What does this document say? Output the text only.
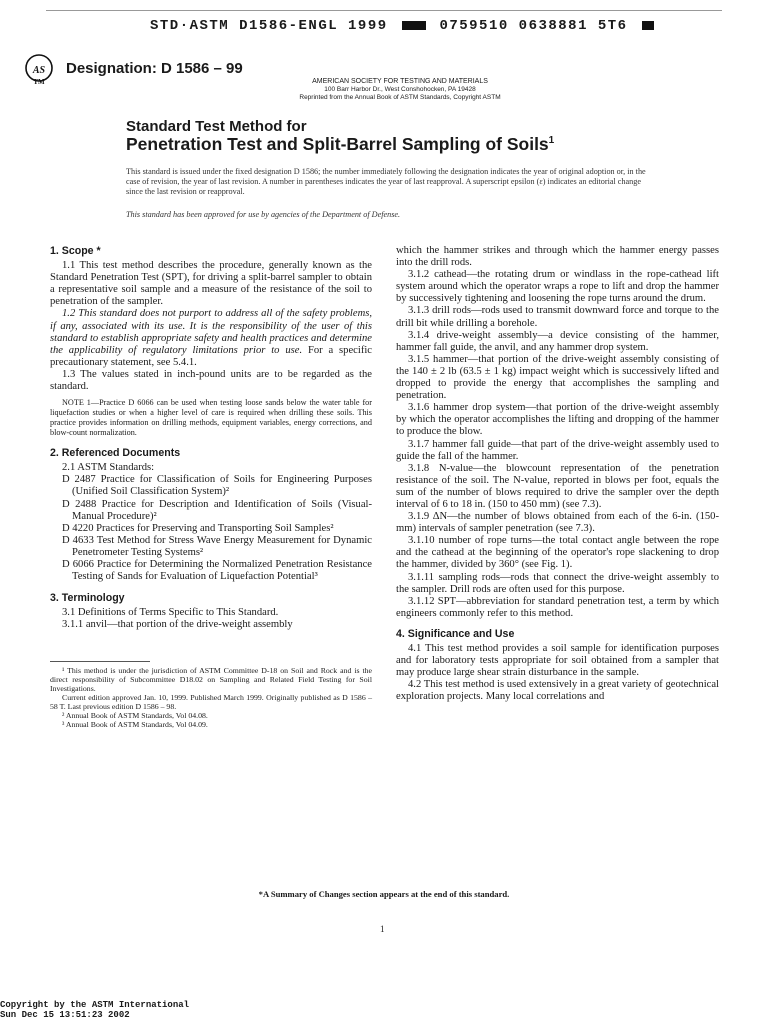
STD·ASTM D1586-ENGL 1999	0759510 0638881 5T6
AS
TM
Designation: D 1586 – 99
AMERICAN SOCIETY FOR TESTING AND MATERIALS
100 Barr Harbor Dr., West Conshohocken, PA 19428
Reprinted from the Annual Book of ASTM Standards, Copyright ASTM
Standard Test Method for
Penetration Test and Split-Barrel Sampling of Soils$^1$
This standard is issued under the fixed designation D 1586; the number immediately following the designation indicates the year of original adoption or, in the case of revision, the year of last revision. A number in parentheses indicates the year of last reapproval. A superscript epsilon (ε) indicates an editorial change since the last revision or reapproval.
This standard has been approved for use by agencies of the Department of Defense.
1. Scope *

1.1 This test method describes the procedure, generally known as the Standard Penetration Test (SPT), for driving a split-barrel sampler to obtain a representative soil sample and a measure of the resistance of the soil to penetration of the sampler.

1.2 This standard does not purport to address all of the safety problems, if any, associated with its use. It is the responsibility of the user of this standard to establish appropriate safety and health practices and determine the applicability of regulatory limitations prior to use. For a specific precautionary statement, see 5.4.1.

1.3 The values stated in inch-pound units are to be regarded as the standard.

NOTE 1—Practice D 6066 can be used when testing loose sands below the water table for liquefaction studies or when a higher level of care is required when drilling these soils. This practice provides information on drilling methods, equipment variables, energy corrections, and blow-count normalization.

2. Referenced Documents

2.1 ASTM Standards:

D 2487 Practice for Classification of Soils for Engineering Purposes (Unified Soil Classification System)²

D 2488 Practice for Description and Identification of Soils (Visual-Manual Procedure)²

D 4220 Practices for Preserving and Transporting Soil Samples²

D 4633 Test Method for Stress Wave Energy Measurement for Dynamic Penetrometer Testing Systems²

D 6066 Practice for Determining the Normalized Penetration Resistance Testing of Sands for Evaluation of Liquefaction Potential³

3. Terminology

3.1 Definitions of Terms Specific to This Standard.

3.1.1 anvil—that portion of the drive-weight assembly

¹ This method is under the jurisdiction of ASTM Committee D-18 on Soil and Rock and is the direct responsibility of Subcommittee D18.02 on Sampling and Related Field Testing for Soil Investigations.

Current edition approved Jan. 10, 1999. Published March 1999. Originally published as D 1586 – 58 T. Last previous edition D 1586 – 98.

² Annual Book of ASTM Standards, Vol 04.08.

³ Annual Book of ASTM Standards, Vol 04.09.

which the hammer strikes and through which the hammer energy passes into the drill rods.

3.1.2 cathead—the rotating drum or windlass in the rope-cathead lift system around which the operator wraps a rope to lift and drop the hammer by successively tightening and loosening the rope turns around the drum.

3.1.3 drill rods—rods used to transmit downward force and torque to the drill bit while drilling a borehole.

3.1.4 drive-weight assembly—a device consisting of the hammer, hammer fall guide, the anvil, and any hammer drop system.

3.1.5 hammer—that portion of the drive-weight assembly consisting of the 140 ± 2 lb (63.5 ± 1 kg) impact weight which is successively lifted and dropped to provide the energy that accomplishes the sampling and penetration.

3.1.6 hammer drop system—that portion of the drive-weight assembly by which the operator accomplishes the lifting and dropping of the hammer to produce the blow.

3.1.7 hammer fall guide—that part of the drive-weight assembly used to guide the fall of the hammer.

3.1.8 N-value—the blowcount representation of the penetration resistance of the soil. The N-value, reported in blows per foot, equals the sum of the number of blows required to drive the sampler over the depth interval of 6 to 18 in. (150 to 450 mm) (see 7.3).

3.1.9 ΔN—the number of blows obtained from each of the 6-in. (150-mm) intervals of sampler penetration (see 7.3).

3.1.10 number of rope turns—the total contact angle between the rope and the cathead at the beginning of the operator's rope slackening to drop the hammer, divided by 360° (see Fig. 1).

3.1.11 sampling rods—rods that connect the drive-weight assembly to the sampler. Drill rods are often used for this purpose.

3.1.12 SPT—abbreviation for standard penetration test, a term by which engineers commonly refer to this method.

4. Significance and Use

4.1 This test method provides a soil sample for identification purposes and for laboratory tests appropriate for soil obtained from a sampler that may produce large shear strain disturbance in the sample.

4.2 This test method is used extensively in a great variety of geotechnical exploration projects. Many local correlations and

*A Summary of Changes section appears at the end of this standard.
1
Copyright by the ASTM International
Sun Dec 15 13:51:23 2002
